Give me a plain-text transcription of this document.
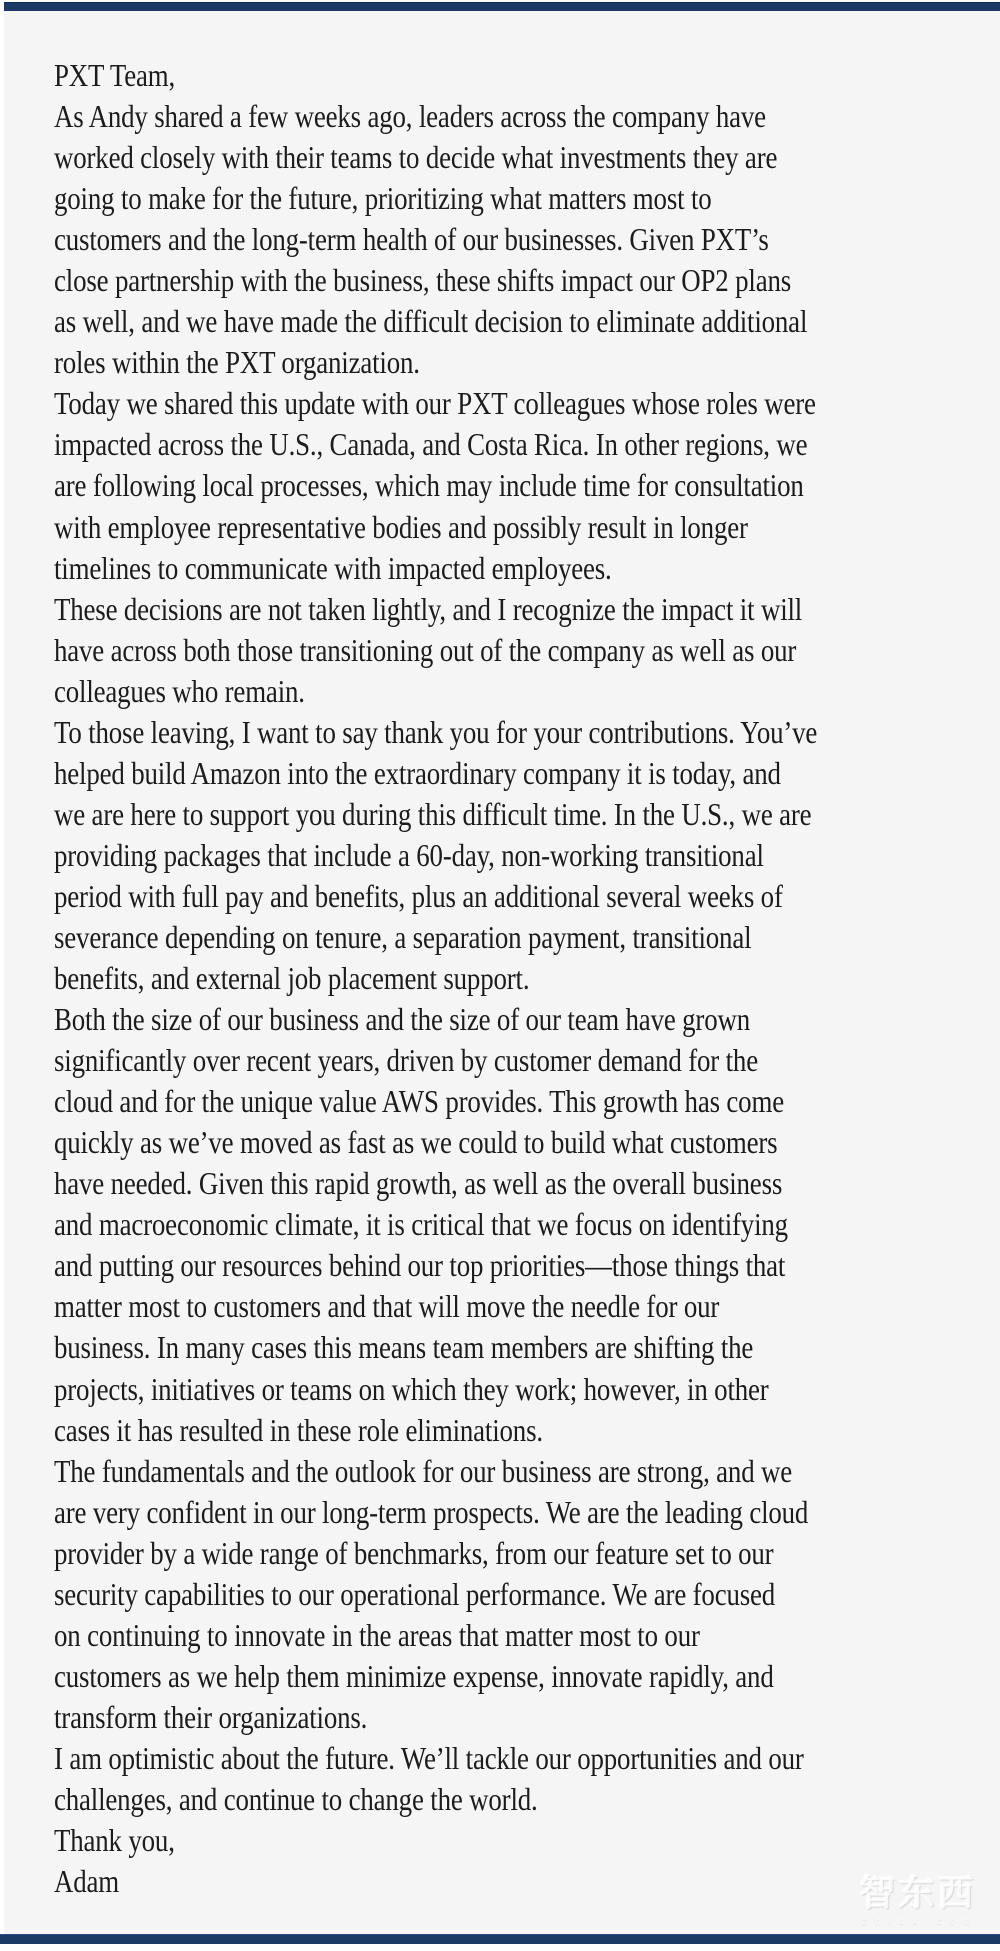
PXT Team,
As Andy shared a few weeks ago, leaders across the company have
worked closely with their teams to decide what investments they are
going to make for the future, prioritizing what matters most to
customers and the long-term health of our businesses. Given PXT’s
close partnership with the business, these shifts impact our OP2 plans
as well, and we have made the difficult decision to eliminate additional
roles within the PXT organization.
Today we shared this update with our PXT colleagues whose roles were
impacted across the U.S., Canada, and Costa Rica. In other regions, we
are following local processes, which may include time for consultation
with employee representative bodies and possibly result in longer
timelines to communicate with impacted employees.
These decisions are not taken lightly, and I recognize the impact it will
have across both those transitioning out of the company as well as our
colleagues who remain.
To those leaving, I want to say thank you for your contributions. You’ve
helped build Amazon into the extraordinary company it is today, and
we are here to support you during this difficult time. In the U.S., we are
providing packages that include a 60-day, non-working transitional
period with full pay and benefits, plus an additional several weeks of
severance depending on tenure, a separation payment, transitional
benefits, and external job placement support.
Both the size of our business and the size of our team have grown
significantly over recent years, driven by customer demand for the
cloud and for the unique value AWS provides. This growth has come
quickly as we’ve moved as fast as we could to build what customers
have needed. Given this rapid growth, as well as the overall business
and macroeconomic climate, it is critical that we focus on identifying
and putting our resources behind our top priorities—those things that
matter most to customers and that will move the needle for our
business. In many cases this means team members are shifting the
projects, initiatives or teams on which they work; however, in other
cases it has resulted in these role eliminations.
The fundamentals and the outlook for our business are strong, and we
are very confident in our long-term prospects. We are the leading cloud
provider by a wide range of benchmarks, from our feature set to our
security capabilities to our operational performance. We are focused
on continuing to innovate in the areas that matter most to our
customers as we help them minimize expense, innovate rapidly, and
transform their organizations.
I am optimistic about the future. We’ll tackle our opportunities and our
challenges, and continue to change the world.
Thank you,
Adam	智东西
z h i d x . c o m
